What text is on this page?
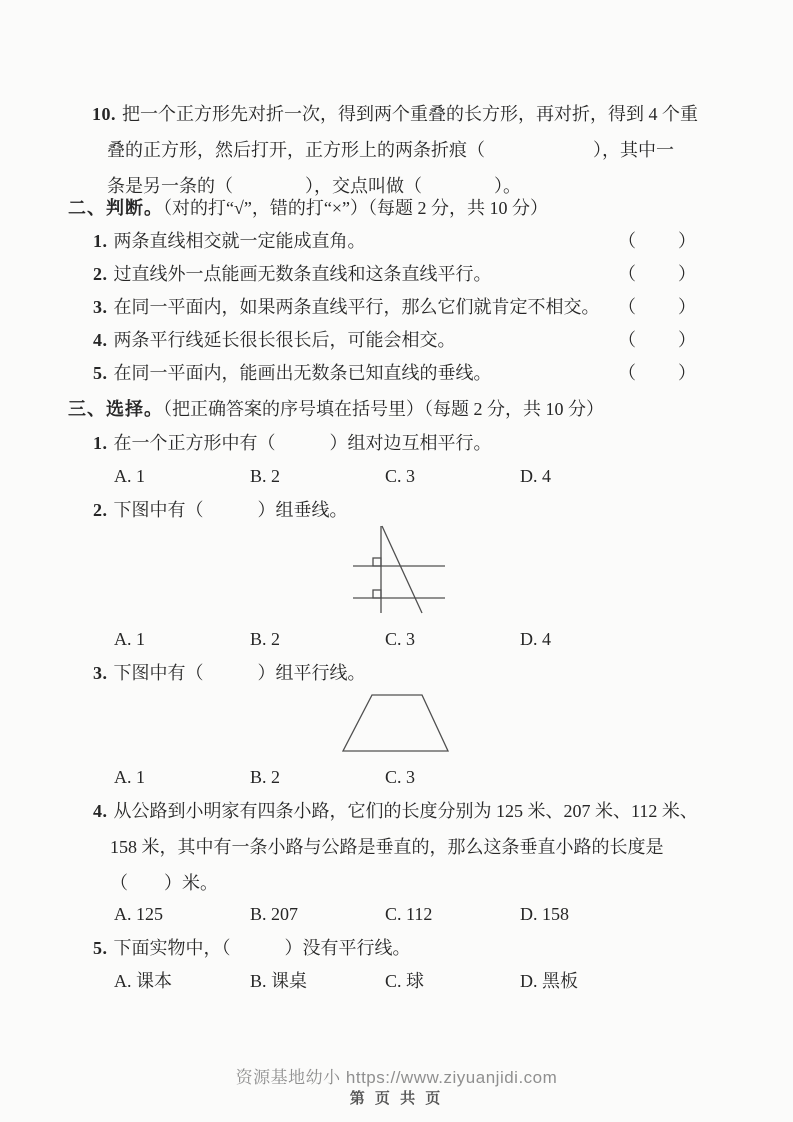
10. 把一个正方形先对折一次，得到两个重叠的长方形，再对折，得到 4 个重
叠的正方形，然后打开，正方形上的两条折痕（　　　　　　），其中一
条是另一条的（　　　　），交点叫做（　　　　）。
二、判断。（对的打“√”，错的打“×”）（每题 2 分，共 10 分）
1. 两条直线相交就一定能成直角。	（　　）
2. 过直线外一点能画无数条直线和这条直线平行。	（　　）
3. 在同一平面内，如果两条直线平行，那么它们就肯定不相交。 （　　）
4. 两条平行线延长很长很长后，可能会相交。	（　　）
5. 在同一平面内，能画出无数条已知直线的垂线。	（　　）
三、选择。（把正确答案的序号填在括号里）（每题 2 分，共 10 分）
1. 在一个正方形中有（　　　）组对边互相平行。
A. 1	B. 2	C. 3	D. 4
2. 下图中有（　　　）组垂线。
A. 1	B. 2	C. 3	D. 4
3. 下图中有（　　　）组平行线。
A. 1	B. 2	C. 3
4. 从公路到小明家有四条小路，它们的长度分别为 125 米、207 米、112 米、
158 米，其中有一条小路与公路是垂直的，那么这条垂直小路的长度是
（　　）米。
A. 125	B. 207	C. 112	D. 158
5. 下面实物中，（　　　）没有平行线。
A. 课本	B. 课桌	C. 球	D. 黑板
资源基地幼小 https://www.ziyuanjidi.com
第 页 共 页
